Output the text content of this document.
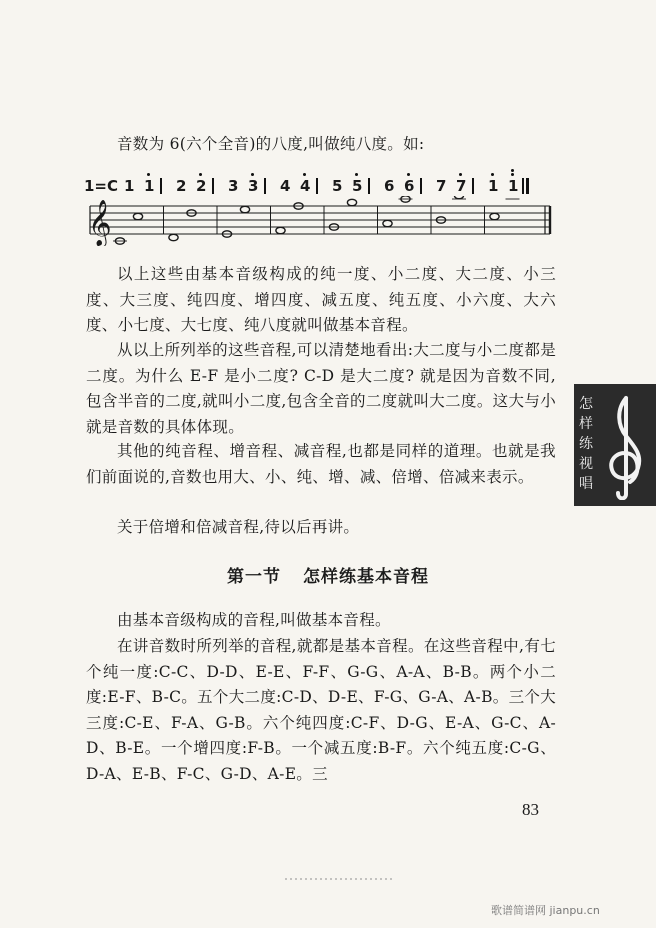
音数为 6(六个全音)的八度,叫做纯八度。如:

1=C 1 1 2 2 3 3 4 4 5 5 6 6 7 7 1 1
𝄞

以上这些由基本音级构成的纯一度、小二度、大二度、小三度、大三度、纯四度、增四度、减五度、纯五度、小六度、大六度、小七度、大七度、纯八度就叫做基本音程。

从以上所列举的这些音程,可以清楚地看出:大二度与小二度都是二度。为什么 E-F 是小二度? C-D 是大二度? 就是因为音数不同,包含半音的二度,就叫小二度,包含全音的二度就叫大二度。这大与小就是音数的具体体现。

其他的纯音程、增音程、减音程,也都是同样的道理。也就是我们前面说的,音数也用大、小、纯、增、减、倍增、倍减来表示。

关于倍增和倍减音程,待以后再讲。

第一节 怎样练基本音程

由基本音级构成的音程,叫做基本音程。

在讲音数时所列举的音程,就都是基本音程。在这些音程中,有七个纯一度:C-C、D-D、E-E、F-F、G-G、A-A、B-B。两个小二度:E-F、B-C。五个大二度:C-D、D-E、F-G、G-A、A-B。三个大三度:C-E、F-A、G-B。六个纯四度:C-F、D-G、E-A、G-C、A-D、B-E。一个增四度:F-B。一个减五度:B-F。六个纯五度:C-G、D-A、E-B、F-C、G-D、A-E。三

怎样练视唱
83
歌谱简谱网 jianpu.cn
